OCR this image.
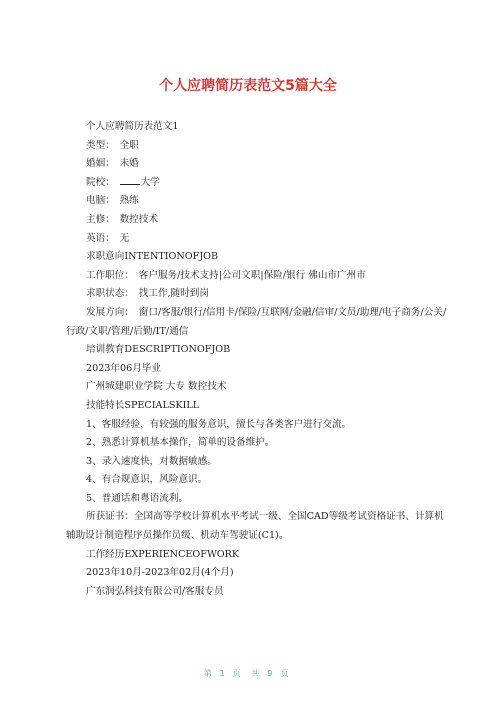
个人应聘简历表范文5篇大全
个人应聘简历表范文1
类型：　全职
婚姻：　未婚
院校：　大学
电脑：　熟练
主修：　数控技术
英语：　无
求职意向INTENTIONOFJOB
工作职位：　客户服务/技术支持|公司文职|保险/银行 佛山市广州市
求职状态：　找工作,随时到岗
发展方向：　窗口/客服/银行/信用卡/保险/互联网/金融/信审/文员/助理/电子商务/公关/行政/文职/管理/后勤/IT/通信
培训教育DESCRIPTIONOFJOB
2023年06月毕业
广州城建职业学院 大专 数控技术
技能特长SPECIALSKILL
1、客服经验，有较强的服务意识，擅长与各类客户进行交流。
2、熟悉计算机基本操作，简单的设备维护。
3、录入速度快，对数据敏感。
4、有合规意识，风险意识。
5、普通话和粤语流利。
所获证书：全国高等学校计算机水平考试一级、全国CAD等级考试资格证书、计算机辅助设计制造程序员操作员级、机动车驾驶证(C1)。
工作经历EXPERIENCEOFWORK
2023年10月-2023年02月(4个月)
广东润弘科技有限公司/客服专员
第 1 页 共 9 页
